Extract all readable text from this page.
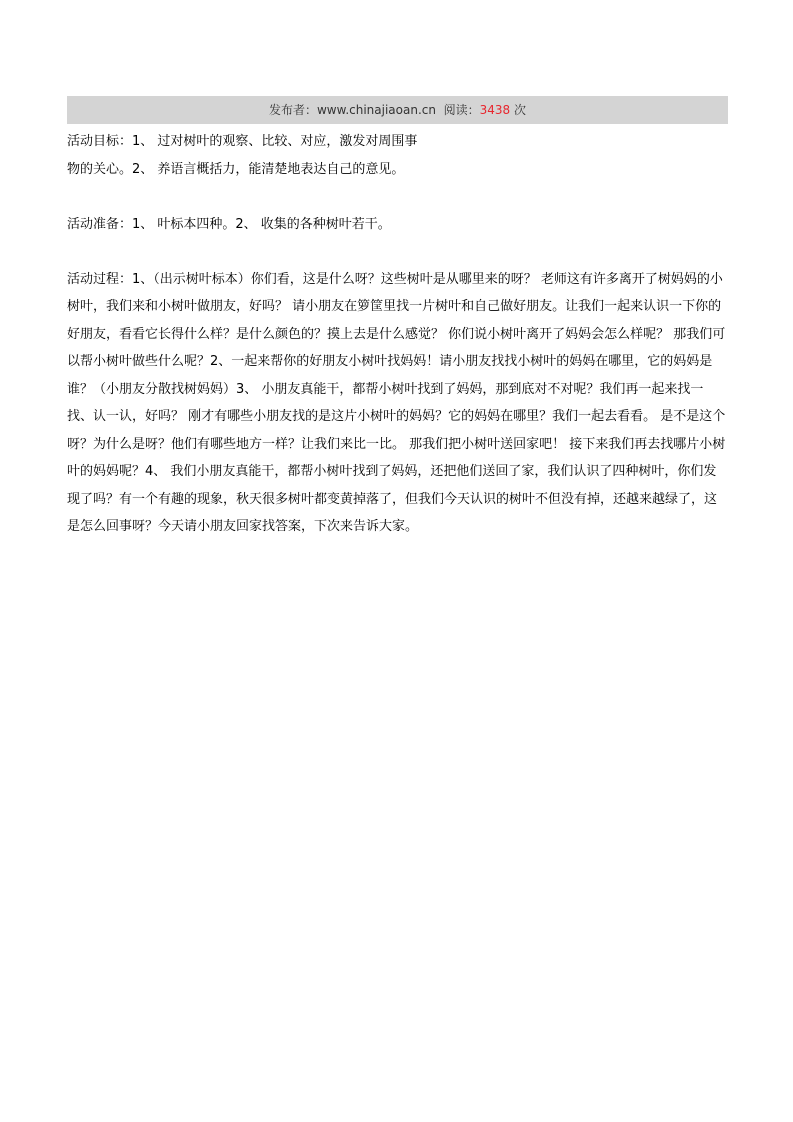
发布者：www.chinajiaoan.cn 阅读：3438 次

活动目标：1、 过对树叶的观察、比较、对应，激发对周围事物的关心。2、 养语言概括力，能清楚地表达自己的意见。

活动准备：1、 叶标本四种。2、 收集的各种树叶若干。

活动过程：1、（出示树叶标本）你们看，这是什么呀？这些树叶是从哪里来的呀？ 老师这有许多离开了树妈妈的小树叶，我们来和小树叶做朋友，好吗？ 请小朋友在箩筐里找一片树叶和自己做好朋友。让我们一起来认识一下你的好朋友，看看它长得什么样？是什么颜色的？摸上去是什么感觉？ 你们说小树叶离开了妈妈会怎么样呢？ 那我们可以帮小树叶做些什么呢？2、一起来帮你的好朋友小树叶找妈妈！请小朋友找找小树叶的妈妈在哪里，它的妈妈是谁？（小朋友分散找树妈妈）3、 小朋友真能干，都帮小树叶找到了妈妈，那到底对不对呢？我们再一起来找一找、认一认，好吗？ 刚才有哪些小朋友找的是这片小树叶的妈妈？它的妈妈在哪里？我们一起去看看。 是不是这个呀？为什么是呀？他们有哪些地方一样？让我们来比一比。 那我们把小树叶送回家吧！ 接下来我们再去找哪片小树叶的妈妈呢？4、 我们小朋友真能干，都帮小树叶找到了妈妈，还把他们送回了家，我们认识了四种树叶，你们发现了吗？有一个有趣的现象，秋天很多树叶都变黄掉落了，但我们今天认识的树叶不但没有掉，还越来越绿了，这是怎么回事呀？今天请小朋友回家找答案，下次来告诉大家。
